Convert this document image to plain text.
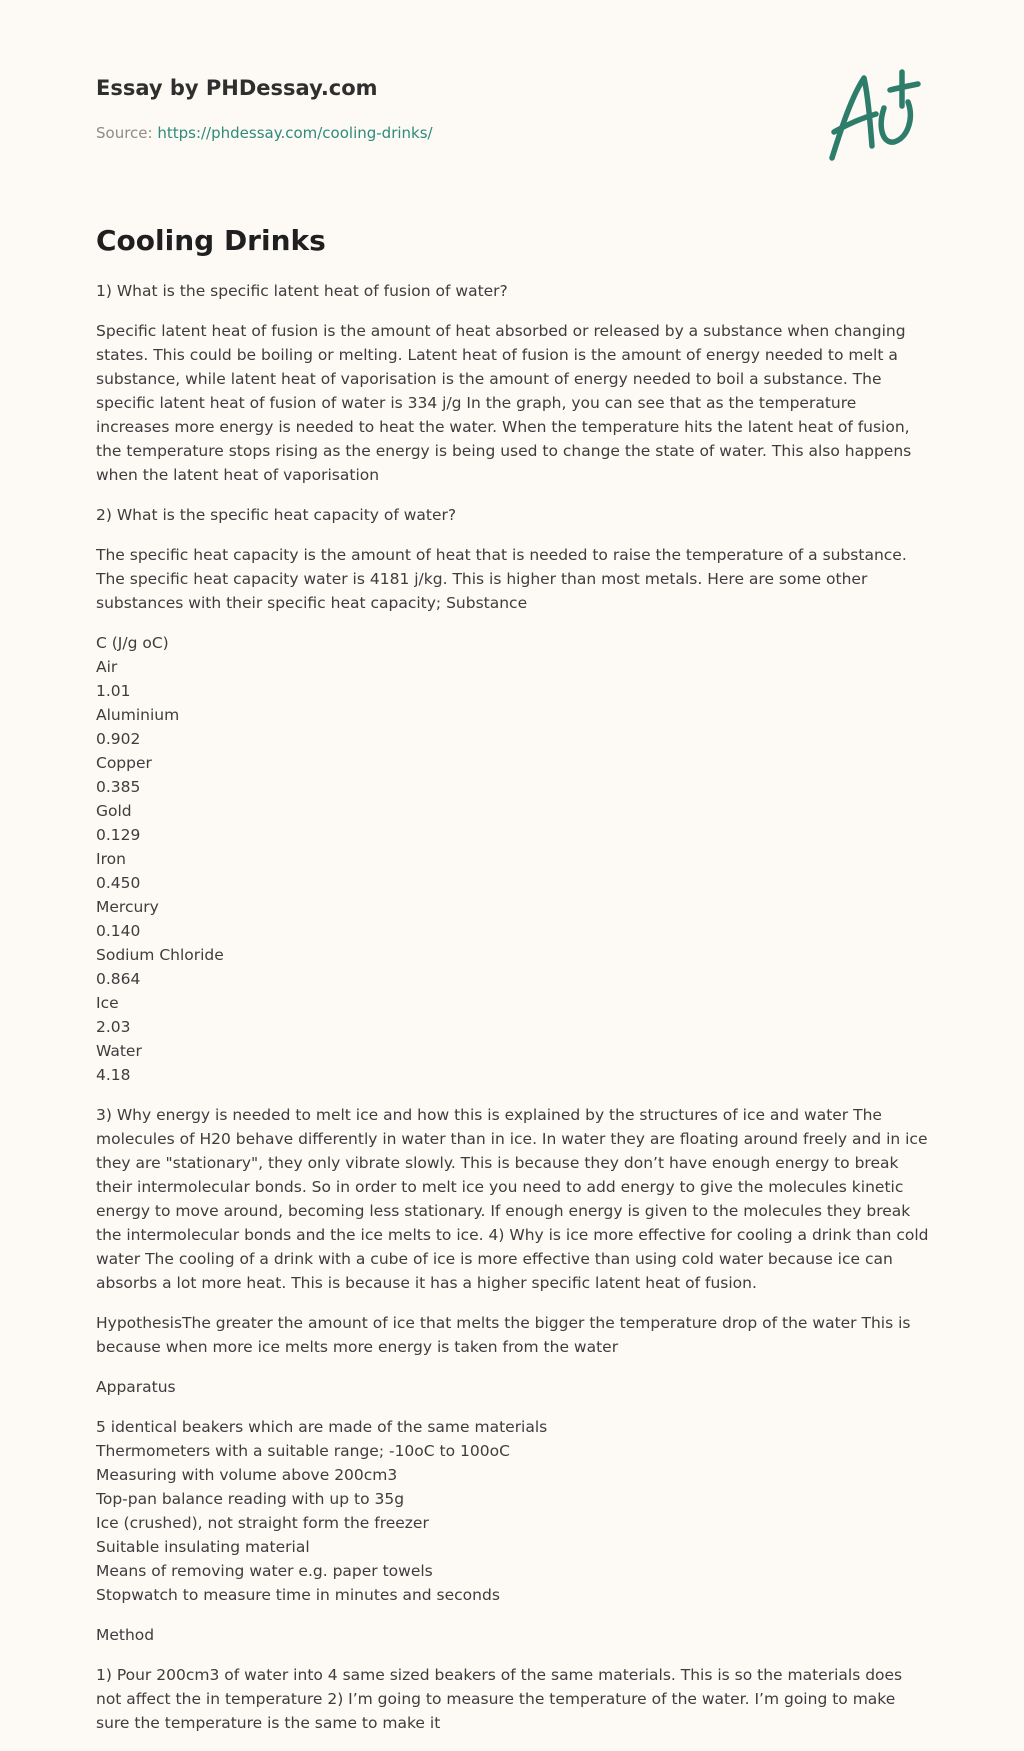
Essay by PHDessay.com
Source: https://phdessay.com/cooling-drinks/
Cooling Drinks

1) What is the specific latent heat of fusion of water?

Specific latent heat of fusion is the amount of heat absorbed or released by a substance when changing states. This could be boiling or melting. Latent heat of fusion is the amount of energy needed to melt a substance, while latent heat of vaporisation is the amount of energy needed to boil a substance. The specific latent heat of fusion of water is 334 j/g In the graph, you can see that as the temperature increases more energy is needed to heat the water. When the temperature hits the latent heat of fusion, the temperature stops rising as the energy is being used to change the state of water. This also happens when the latent heat of vaporisation

2) What is the specific heat capacity of water?

The specific heat capacity is the amount of heat that is needed to raise the temperature of a substance. The specific heat capacity water is 4181 j/kg. This is higher than most metals. Here are some other substances with their specific heat capacity; Substance

C (J/g oC)
Air
1.01
Aluminium
0.902
Copper
0.385
Gold
0.129
Iron
0.450
Mercury
0.140
Sodium Chloride
0.864
Ice
2.03
Water
4.18

3) Why energy is needed to melt ice and how this is explained by the structures of ice and water The molecules of H20 behave differently in water than in ice. In water they are floating around freely and in ice they are "stationary", they only vibrate slowly. This is because they don’t have enough energy to break their intermolecular bonds. So in order to melt ice you need to add energy to give the molecules kinetic energy to move around, becoming less stationary. If enough energy is given to the molecules they break the intermolecular bonds and the ice melts to ice. 4) Why is ice more effective for cooling a drink than cold water The cooling of a drink with a cube of ice is more effective than using cold water because ice can absorbs a lot more heat. This is because it has a higher specific latent heat of fusion.

HypothesisThe greater the amount of ice that melts the bigger the temperature drop of the water This is because when more ice melts more energy is taken from the water

Apparatus

5 identical beakers which are made of the same materials
Thermometers with a suitable range; -10oC to 100oC
Measuring with volume above 200cm3
Top-pan balance reading with up to 35g
Ice (crushed), not straight form the freezer
Suitable insulating material
Means of removing water e.g. paper towels
Stopwatch to measure time in minutes and seconds

Method

1) Pour 200cm3 of water into 4 same sized beakers of the same materials. This is so the materials does not affect the in temperature 2) I’m going to measure the temperature of the water. I’m going to make sure the temperature is the same to make it
